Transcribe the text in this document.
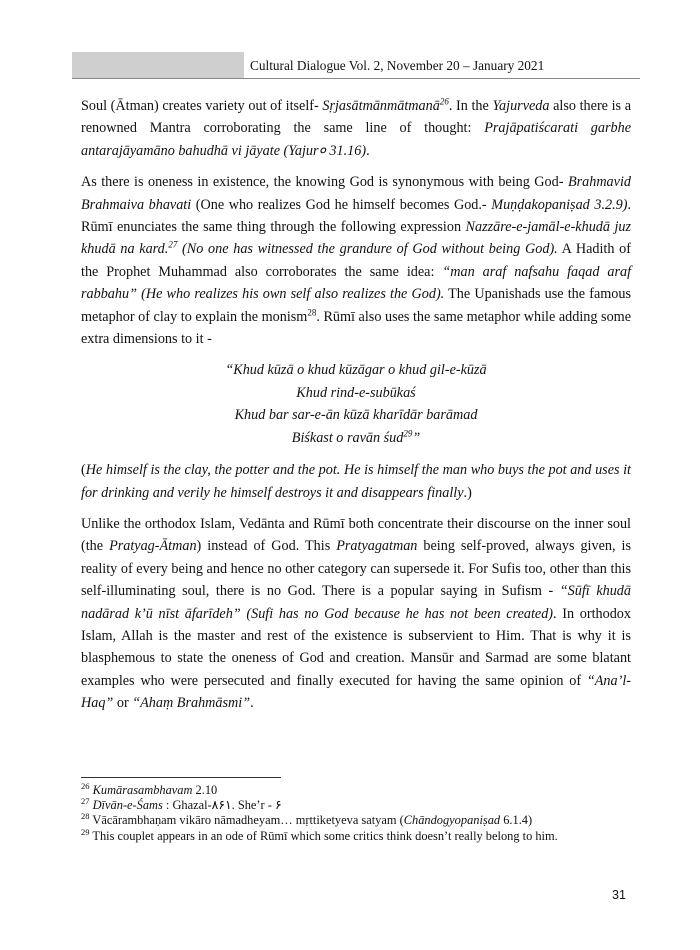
Cultural Dialogue Vol. 2, November 20 – January 2021

Soul (Ātman) creates variety out of itself- Sṛjasātmānmātmanā$^{26}$. In the Yajurveda also there is a renowned Mantra corroborating the same line of thought: Prajāpatiścarati garbhe antarajāyamāno bahudhā vi jāyate (Yajur० 31.16).

As there is oneness in existence, the knowing God is synonymous with being God- Brahmavid Brahmaiva bhavati (One who realizes God he himself becomes God.- Muṇḍakopaniṣad 3.2.9). Rūmī enunciates the same thing through the following expression Nazzāre-e-jamāl-e-khudā juz khudā na kard.$^{27}$ (No one has witnessed the grandure of God without being God). A Hadith of the Prophet Muhammad also corroborates the same idea: “man araf nafsahu faqad araf rabbahu” (He who realizes his own self also realizes the God). The Upanishads use the famous metaphor of clay to explain the monism$^{28}$. Rūmī also uses the same metaphor while adding some extra dimensions to it -

“Khud kūzā o khud kūzāgar o khud gil-e-kūzā
Khud rind-e-subūkaś
Khud bar sar-e-ān kūzā kharīdār barāmad
Biśkast o ravān śud$^{29}$”

(He himself is the clay, the potter and the pot. He is himself the man who buys the pot and uses it for drinking and verily he himself destroys it and disappears finally.)

Unlike the orthodox Islam, Vedānta and Rūmī both concentrate their discourse on the inner soul (the Pratyag-Ātman) instead of God. This Pratyagatman being self-proved, always given, is reality of every being and hence no other category can supersede it. For Sufis too, other than this self-illuminating soul, there is no God. There is a popular saying in Sufism - “Sūfī khudā nadārad k’ū nīst āfarīdeh” (Sufi has no God because he has not been created). In orthodox Islam, Allah is the master and rest of the existence is subservient to Him. That is why it is blasphemous to state the oneness of God and creation. Mansūr and Sarmad are some blatant examples who were persecuted and finally executed for having the same opinion of “Ana’l-Haq” or “Ahaṃ Brahmāsmi”.

$^{26}$ Kumārasambhavam 2.10
$^{27}$ Dīvān-e-Śams : Ghazal-۸۶۱. She’r - ۶
$^{28}$ Vācārambhaṇam vikāro nāmadheyam… mṛttiketyeva satyam (Chāndogyopaniṣad 6.1.4)
$^{29}$ This couplet appears in an ode of Rūmī which some critics think doesn’t really belong to him.
31
